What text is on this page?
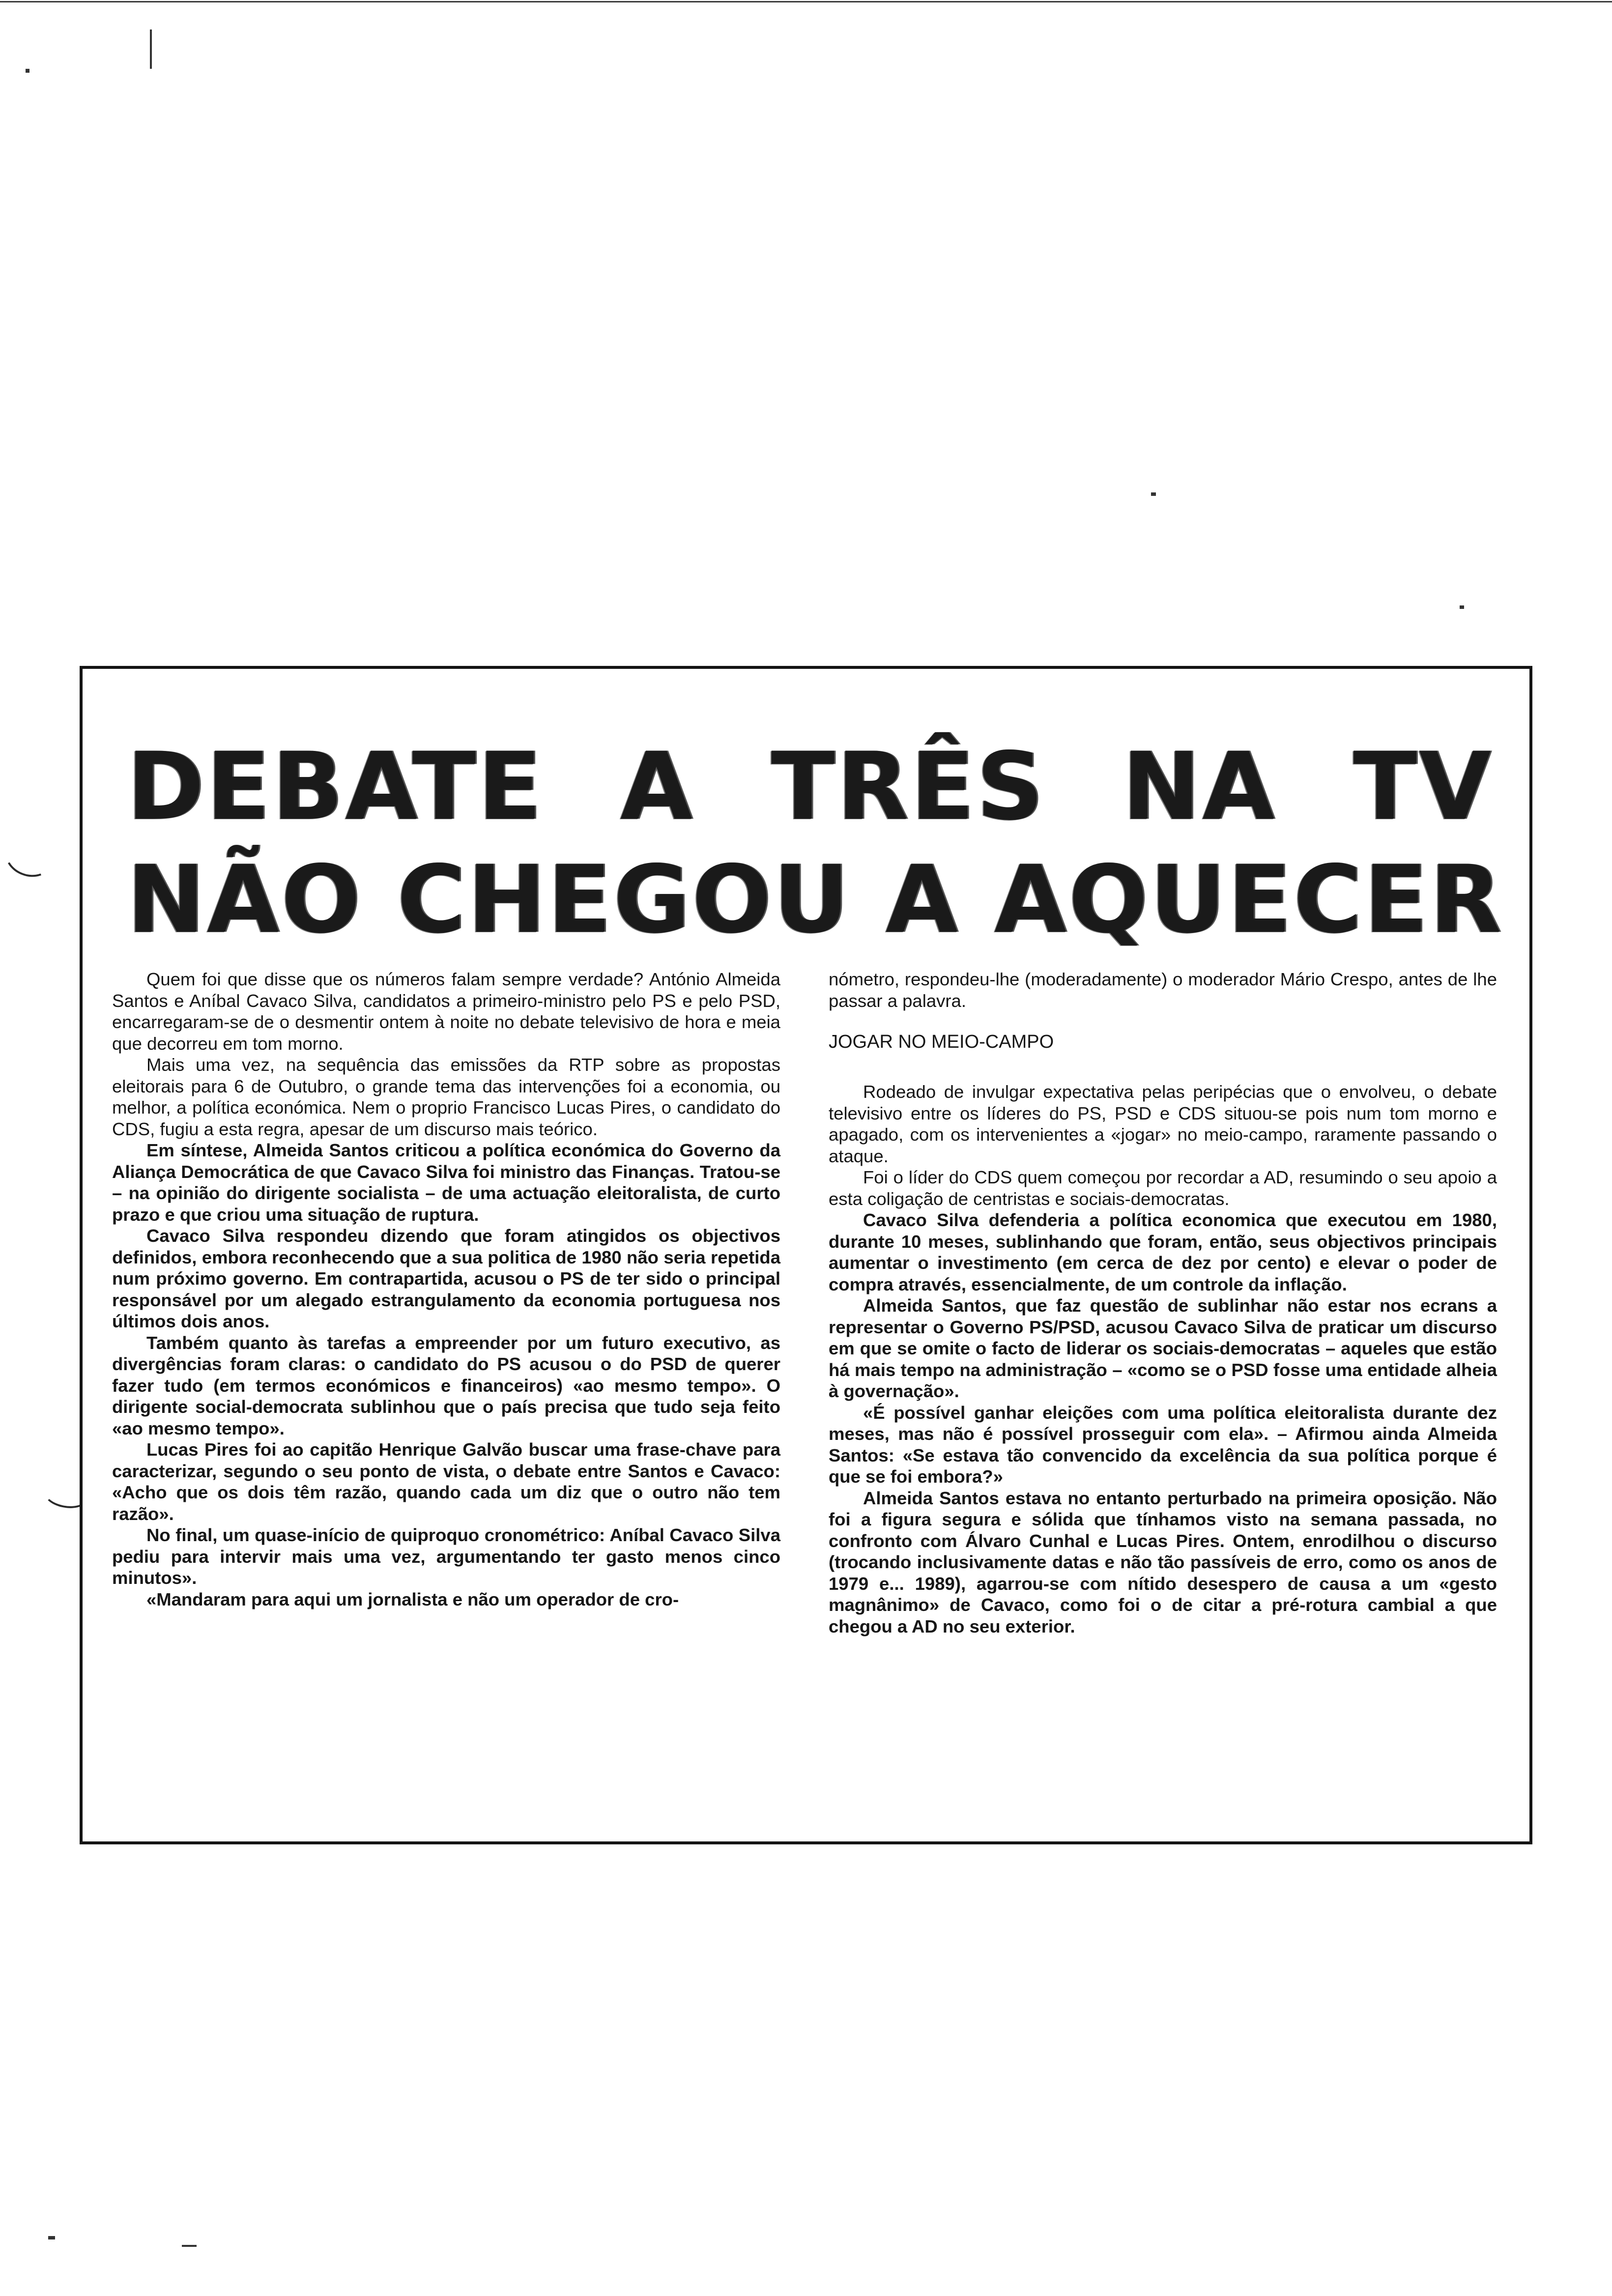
DEBATE A TRÊS NA TV
NÃO CHEGOU A AQUECER

Quem foi que disse que os números falam sempre verdade? António Almeida Santos e Aníbal Cavaco Silva, candidatos a primeiro-ministro pelo PS e pelo PSD, encarregaram-se de o desmentir ontem à noite no debate televisivo de hora e meia que decorreu em tom morno.

Mais uma vez, na sequência das emissões da RTP sobre as propostas eleitorais para 6 de Outubro, o grande tema das intervenções foi a economia, ou melhor, a política económica. Nem o proprio Francisco Lucas Pires, o candidato do CDS, fugiu a esta regra, apesar de um discurso mais teórico.

Em síntese, Almeida Santos criticou a política económica do Governo da Aliança Democrática de que Cavaco Silva foi ministro das Finanças. Tratou-se – na opinião do dirigente socialista – de uma actuação eleitoralista, de curto prazo e que criou uma situação de ruptura.

Cavaco Silva respondeu dizendo que foram atingidos os objectivos definidos, embora reconhecendo que a sua politica de 1980 não seria repetida num próximo governo. Em contrapartida, acusou o PS de ter sido o principal responsável por um alegado estrangulamento da economia portuguesa nos últimos dois anos.

Também quanto às tarefas a empreender por um futuro executivo, as divergências foram claras: o candidato do PS acusou o do PSD de querer fazer tudo (em termos económicos e financeiros) «ao mesmo tempo». O dirigente social-democrata sublinhou que o país precisa que tudo seja feito «ao mesmo tempo».

Lucas Pires foi ao capitão Henrique Galvão buscar uma frase-chave para caracterizar, segundo o seu ponto de vista, o debate entre Santos e Cavaco: «Acho que os dois têm razão, quando cada um diz que o outro não tem razão».

No final, um quase-início de quiproquo cronométrico: Aníbal Cavaco Silva pediu para intervir mais uma vez, argumentando ter gasto menos cinco minutos».

«Mandaram para aqui um jornalista e não um operador de cro-

nómetro, respondeu-lhe (moderadamente) o moderador Mário Crespo, antes de lhe passar a palavra.

JOGAR NO MEIO-CAMPO

Rodeado de invulgar expectativa pelas peripécias que o envolveu, o debate televisivo entre os líderes do PS, PSD e CDS situou-se pois num tom morno e apagado, com os intervenientes a «jogar» no meio-campo, raramente passando o ataque.

Foi o líder do CDS quem começou por recordar a AD, resumindo o seu apoio a esta coligação de centristas e sociais-democratas.

Cavaco Silva defenderia a política economica que executou em 1980, durante 10 meses, sublinhando que foram, então, seus objectivos principais aumentar o investimento (em cerca de dez por cento) e elevar o poder de compra através, essencialmente, de um controle da inflação.

Almeida Santos, que faz questão de sublinhar não estar nos ecrans a representar o Governo PS/PSD, acusou Cavaco Silva de praticar um discurso em que se omite o facto de liderar os sociais-democratas – aqueles que estão há mais tempo na administração – «como se o PSD fosse uma entidade alheia à governação».

«É possível ganhar eleições com uma política eleitoralista durante dez meses, mas não é possível prosseguir com ela». – Afirmou ainda Almeida Santos: «Se estava tão convencido da excelência da sua política porque é que se foi embora?»

Almeida Santos estava no entanto perturbado na primeira oposição. Não foi a figura segura e sólida que tínhamos visto na semana passada, no confronto com Álvaro Cunhal e Lucas Pires. Ontem, enrodilhou o discurso (trocando inclusivamente datas e não tão passíveis de erro, como os anos de 1979 e... 1989), agarrou-se com nítido desespero de causa a um «gesto magnânimo» de Cavaco, como foi o de citar a pré-rotura cambial a que chegou a AD no seu exterior.
